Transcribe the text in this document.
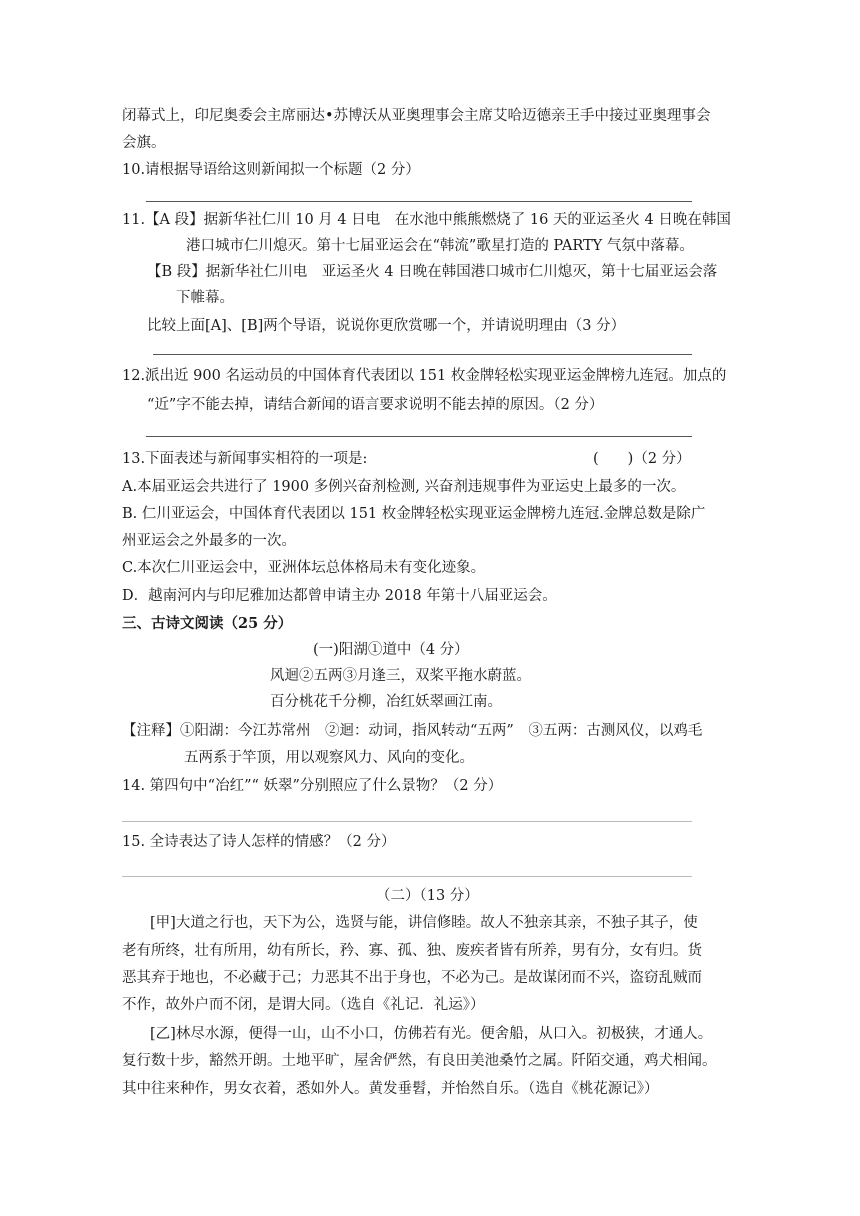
闭幕式上，印尼奥委会主席丽达•苏博沃从亚奥理事会主席艾哈迈德亲王手中接过亚奥理事会
会旗。
10.请根据导语给这则新闻拟一个标题（2 分）
11.【A 段】据新华社仁川 10 月 4 日电　在水池中熊熊燃烧了 16 天的亚运圣火 4 日晚在韩国
港口城市仁川熄灭。第十七届亚运会在“韩流”歌星打造的 PARTY 气氛中落幕。
【B 段】据新华社仁川电　亚运圣火 4 日晚在韩国港口城市仁川熄灭，第十七届亚运会落
下帷幕。
比较上面[A]、[B]两个导语，说说你更欣赏哪一个，并请说明理由（3 分）
12.派出近 900 名运动员的中国体育代表团以 151 枚金牌轻松实现亚运金牌榜九连冠。加点的
“近”字不能去掉，请结合新闻的语言要求说明不能去掉的原因。（2 分）
13.下面表述与新闻事实相符的一项是:	(　　)（2 分）
A.本届亚运会共进行了 1900 多例兴奋剂检测, 兴奋剂违规事件为亚运史上最多的一次。
B. 仁川亚运会，中国体育代表团以 151 枚金牌轻松实现亚运金牌榜九连冠.金牌总数是除广
州亚运会之外最多的一次。
C.本次仁川亚运会中，亚洲体坛总体格局未有变化迹象。
D．越南河内与印尼雅加达都曾申请主办 2018 年第十八届亚运会。
三、古诗文阅读（25 分）
(一)阳湖①道中（4 分）
风迴②五两③月逢三，双桨平拖水蔚蓝。
百分桃花千分柳，冶红妖翠画江南。
【注释】①阳湖：今江苏常州　②迴：动词，指风转动“五两”　③五两：古测风仪，以鸡毛
五两系于竿顶，用以观察风力、风向的变化。
14. 第四句中“冶红”“ 妖翠”分别照应了什么景物？（2 分）
15. 全诗表达了诗人怎样的情感？（2 分）
（二）（13 分）
[甲]大道之行也，天下为公，选贤与能，讲信修睦。故人不独亲其亲，不独子其子，使
老有所终，壮有所用，幼有所长，矜、寡、孤、独、废疾者皆有所养，男有分，女有归。货
恶其弃于地也，不必藏于己；力恶其不出于身也，不必为己。是故谋闭而不兴，盗窃乱贼而
不作，故外户而不闭，是谓大同。（选自《礼记．礼运》）
[乙]林尽水源，便得一山，山不小口，仿佛若有光。便舍船，从口入。初极狭，才通人。
复行数十步，豁然开朗。土地平旷，屋舍俨然，有良田美池桑竹之属。阡陌交通，鸡犬相闻。
其中往来种作，男女衣着，悉如外人。黄发垂髫，并怡然自乐。（选自《桃花源记》）
